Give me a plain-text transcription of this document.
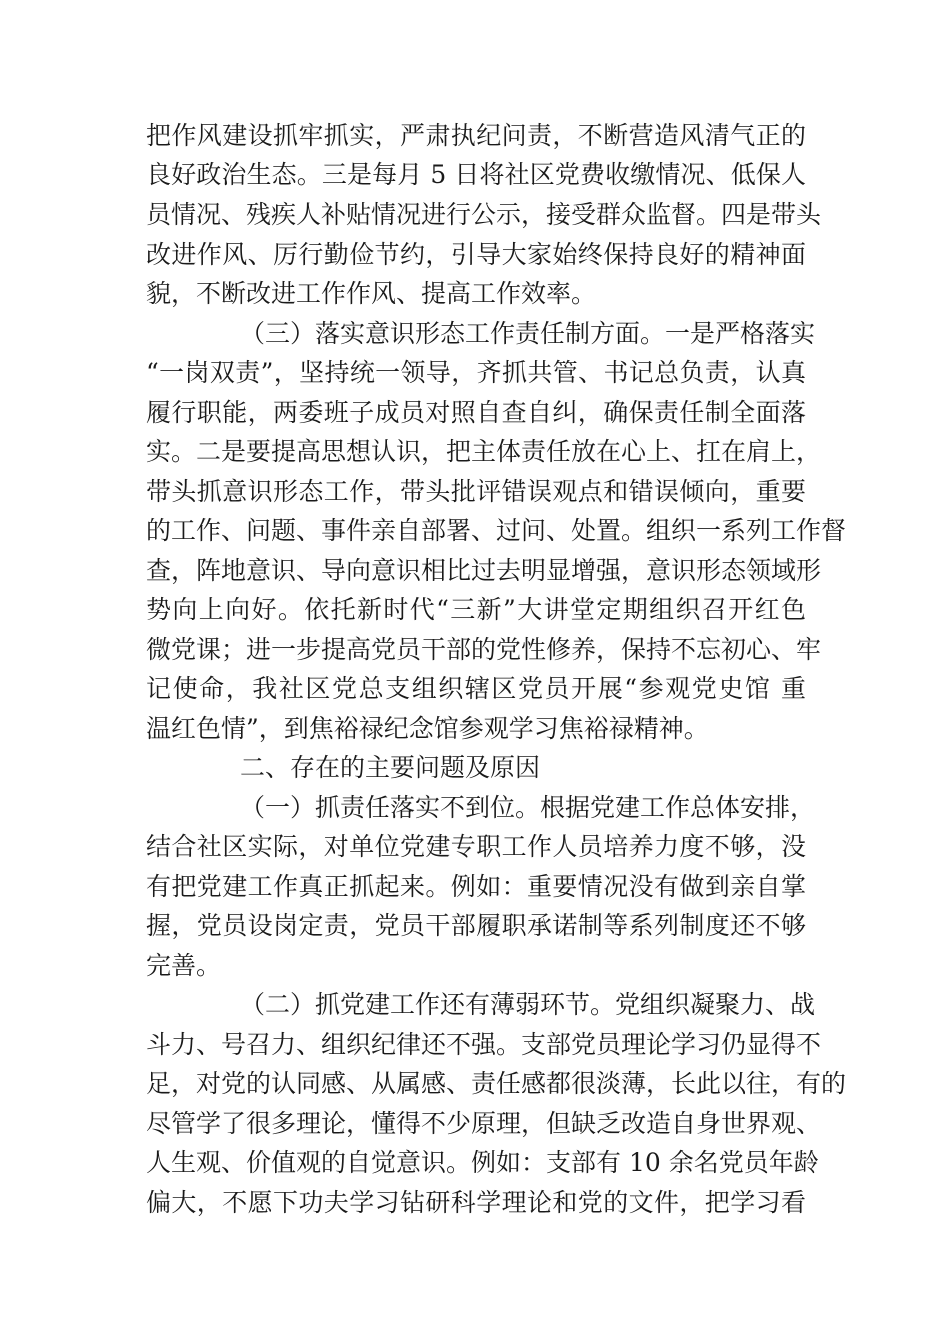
把作风建设抓牢抓实，严肃执纪问责，不断营造风清气正的
良好政治生态。三是每月 5 日将社区党费收缴情况、低保人
员情况、残疾人补贴情况进行公示，接受群众监督。四是带头
改进作风、厉行勤俭节约，引导大家始终保持良好的精神面
貌，不断改进工作作风、提高工作效率。
（三）落实意识形态工作责任制方面。一是严格落实
“一岗双责”，坚持统一领导，齐抓共管、书记总负责，认真
履行职能，两委班子成员对照自查自纠，确保责任制全面落
实。二是要提高思想认识，把主体责任放在心上、扛在肩上，
带头抓意识形态工作，带头批评错误观点和错误倾向，重要
的工作、问题、事件亲自部署、过问、处置。组织一系列工作督
查，阵地意识、导向意识相比过去明显增强，意识形态领域形
势向上向好。依托新时代“三新”大讲堂定期组织召开红色
微党课；进一步提高党员干部的党性修养，保持不忘初心、牢
记使命，我社区党总支组织辖区党员开展“参观党史馆 重
温红色情”，到焦裕禄纪念馆参观学习焦裕禄精神。
二、存在的主要问题及原因
（一）抓责任落实不到位。根据党建工作总体安排，
结合社区实际，对单位党建专职工作人员培养力度不够，没
有把党建工作真正抓起来。例如：重要情况没有做到亲自掌
握，党员设岗定责，党员干部履职承诺制等系列制度还不够
完善。
（二）抓党建工作还有薄弱环节。党组织凝聚力、战
斗力、号召力、组织纪律还不强。支部党员理论学习仍显得不
足，对党的认同感、从属感、责任感都很淡薄，长此以往，有的
尽管学了很多理论，懂得不少原理，但缺乏改造自身世界观、
人生观、价值观的自觉意识。例如：支部有 10 余名党员年龄
偏大，不愿下功夫学习钻研科学理论和党的文件，把学习看
